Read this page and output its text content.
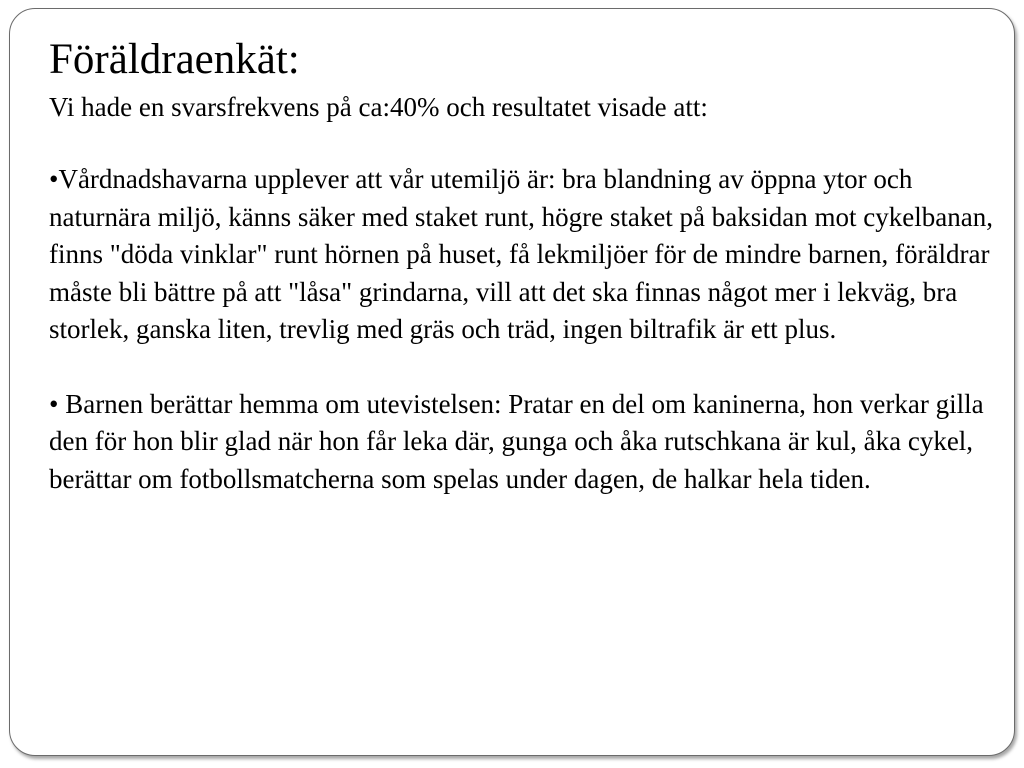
Föräldraenkät:

Vi hade en svarsfrekvens på ca:40% och resultatet visade att:

•Vårdnadshavarna upplever att vår utemiljö är: bra blandning av öppna ytor och naturnära miljö, känns säker med staket runt, högre staket på baksidan mot cykelbanan, finns "döda vinklar" runt hörnen på huset, få lekmiljöer för de mindre barnen, föräldrar måste bli bättre på att "låsa" grindarna, vill att det ska finnas något mer i lekväg, bra storlek, ganska liten, trevlig med gräs och träd, ingen biltrafik är ett plus.

• Barnen berättar hemma om utevistelsen: Pratar en del om kaninerna, hon verkar gilla den för hon blir glad när hon får leka där, gunga och åka rutschkana är kul, åka cykel, berättar om fotbollsmatcherna som spelas under dagen, de halkar hela tiden.
